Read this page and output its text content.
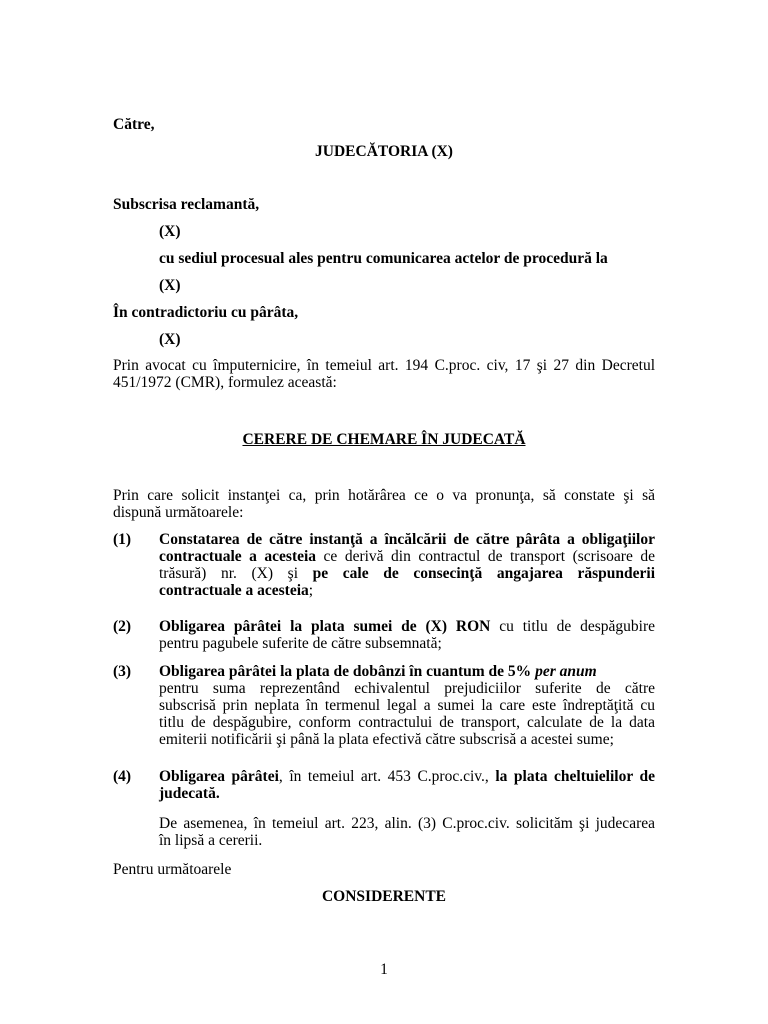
Către,
JUDECĂTORIA (X)
Subscrisa reclamantă,
(X)
cu sediul procesual ales pentru comunicarea actelor de procedură la
(X)
În contradictoriu cu pârâta,
(X)
Prin avocat cu împuternicire, în temeiul art. 194 C.proc. civ, 17 şi 27 din Decretul
451/1972 (CMR), formulez această:
CERERE DE CHEMARE ÎN JUDECATĂ
Prin care solicit instanţei ca, prin hotărârea ce o va pronunţa, să constate şi să
dispună următoarele:
(1) Constatarea de către instanţă a încălcării de către pârâta a obligaţiilor
contractuale a acesteia ce derivă din contractul de transport (scrisoare de
trăsură) nr. (X) şi pe cale de consecinţă angajarea răspunderii
contractuale a acesteia;
(2) Obligarea pârâtei la plata sumei de (X) RON cu titlu de despăgubire
pentru pagubele suferite de către subsemnată;
(3) Obligarea pârâtei la plata de dobânzi în cuantum de 5% per anum
pentru suma reprezentând echivalentul prejudiciilor suferite de către
subscrisă prin neplata în termenul legal a sumei la care este îndreptăţită cu
titlu de despăgubire, conform contractului de transport, calculate de la data
emiterii notificării şi până la plata efectivă către subscrisă a acestei sume;
(4) Obligarea pârâtei, în temeiul art. 453 C.proc.civ., la plata cheltuielilor de
judecată.
De asemenea, în temeiul art. 223, alin. (3) C.proc.civ. solicităm şi judecarea
în lipsă a cererii.
Pentru următoarele
CONSIDERENTE
1
